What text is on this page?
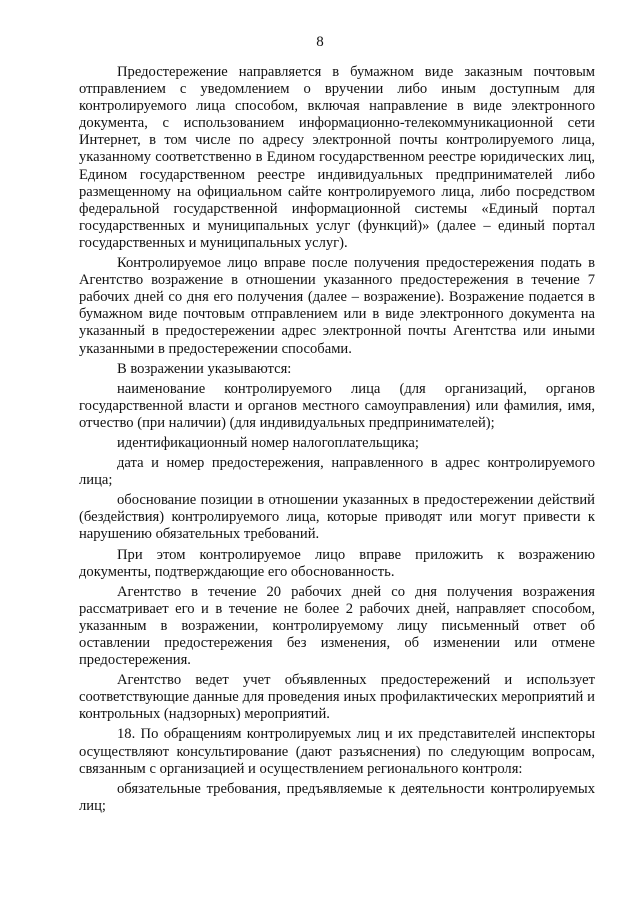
8

Предостережение направляется в бумажном виде заказным почтовым отправлением с уведомлением о вручении либо иным доступным для контролируемого лица способом, включая направление в виде электронного документа, с использованием информационно-телекоммуникационной сети Интернет, в том числе по адресу электронной почты контролируемого лица, указанному соответственно в Едином государственном реестре юридических лиц, Едином государственном реестре индивидуальных предпринимателей либо размещенному на официальном сайте контролируемого лица, либо посредством федеральной государственной информационной системы «Единый портал государственных и муниципальных услуг (функций)» (далее – единый портал государственных и муниципальных услуг).

Контролируемое лицо вправе после получения предостережения подать в Агентство возражение в отношении указанного предостережения в течение 7 рабочих дней со дня его получения (далее – возражение). Возражение подается в бумажном виде почтовым отправлением или в виде электронного документа на указанный в предостережении адрес электронной почты Агентства или иными указанными в предостережении способами.

В возражении указываются:

наименование контролируемого лица (для организаций, органов государственной власти и органов местного самоуправления) или фамилия, имя, отчество (при наличии) (для индивидуальных предпринимателей);

идентификационный номер налогоплательщика;

дата и номер предостережения, направленного в адрес контролируемого лица;

обоснование позиции в отношении указанных в предостережении действий (бездействия) контролируемого лица, которые приводят или могут привести к нарушению обязательных требований.

При этом контролируемое лицо вправе приложить к возражению документы, подтверждающие его обоснованность.

Агентство в течение 20 рабочих дней со дня получения возражения рассматривает его и в течение не более 2 рабочих дней, направляет способом, указанным в возражении, контролируемому лицу письменный ответ об оставлении предостережения без изменения, об изменении или отмене предостережения.

Агентство ведет учет объявленных предостережений и использует соответствующие данные для проведения иных профилактических мероприятий и контрольных (надзорных) мероприятий.

18. По обращениям контролируемых лиц и их представителей инспекторы осуществляют консультирование (дают разъяснения) по следующим вопросам, связанным с организацией и осуществлением регионального контроля:

обязательные требования, предъявляемые к деятельности контролируемых лиц;
